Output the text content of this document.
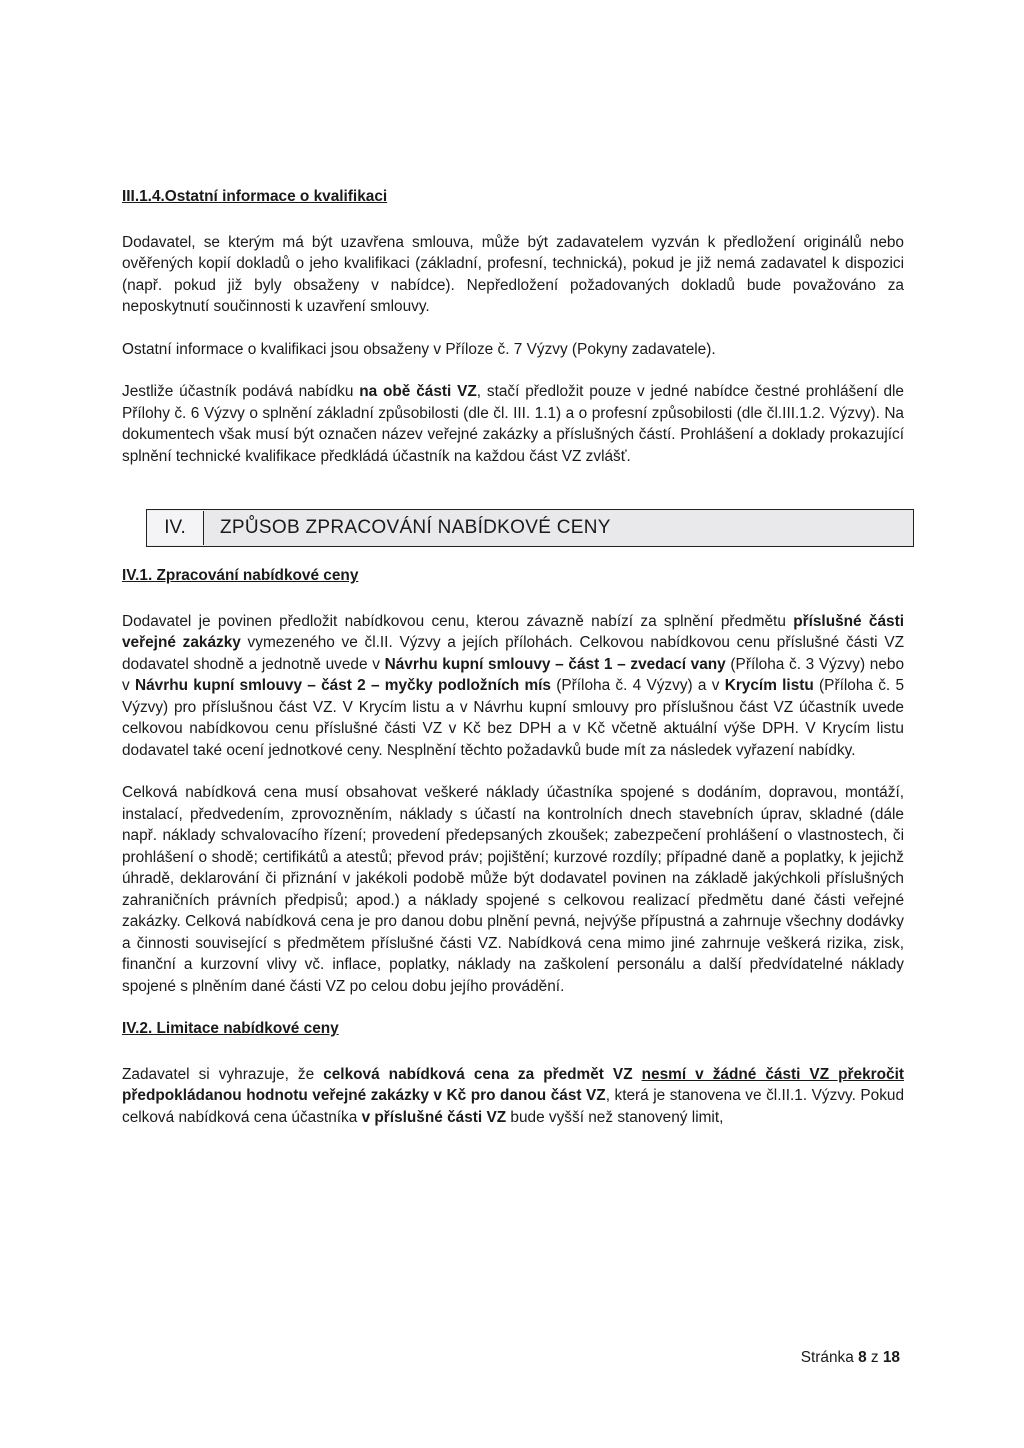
III.1.4.Ostatní informace o kvalifikaci

Dodavatel, se kterým má být uzavřena smlouva, může být zadavatelem vyzván k předložení originálů nebo ověřených kopií dokladů o jeho kvalifikaci (základní, profesní, technická), pokud je již nemá zadavatel k dispozici (např. pokud již byly obsaženy v nabídce). Nepředložení požadovaných dokladů bude považováno za neposkytnutí součinnosti k uzavření smlouvy.

Ostatní informace o kvalifikaci jsou obsaženy v Příloze č. 7 Výzvy (Pokyny zadavatele).

Jestliže účastník podává nabídku na obě části VZ, stačí předložit pouze v jedné nabídce čestné prohlášení dle Přílohy č. 6 Výzvy o splnění základní způsobilosti (dle čl. III. 1.1) a o profesní způsobilosti (dle čl.III.1.2. Výzvy). Na dokumentech však musí být označen název veřejné zakázky a příslušných částí. Prohlášení a doklady prokazující splnění technické kvalifikace předkládá účastník na každou část VZ zvlášť.

IV.	ZPŮSOB ZPRACOVÁNÍ NABÍDKOVÉ CENY
IV.1. Zpracování nabídkové ceny

Dodavatel je povinen předložit nabídkovou cenu, kterou závazně nabízí za splnění předmětu příslušné části veřejné zakázky vymezeného ve čl.II. Výzvy a jejích přílohách. Celkovou nabídkovou cenu příslušné části VZ dodavatel shodně a jednotně uvede v Návrhu kupní smlouvy – část 1 – zvedací vany (Příloha č. 3 Výzvy) nebo v Návrhu kupní smlouvy – část 2 – myčky podložních mís (Příloha č. 4 Výzvy) a v Krycím listu (Příloha č. 5 Výzvy) pro příslušnou část VZ. V Krycím listu a v Návrhu kupní smlouvy pro příslušnou část VZ účastník uvede celkovou nabídkovou cenu příslušné části VZ v Kč bez DPH a v Kč včetně aktuální výše DPH. V Krycím listu dodavatel také ocení jednotkové ceny. Nesplnění těchto požadavků bude mít za následek vyřazení nabídky.

Celková nabídková cena musí obsahovat veškeré náklady účastníka spojené s dodáním, dopravou, montáží, instalací, předvedením, zprovozněním, náklady s účastí na kontrolních dnech stavebních úprav, skladné (dále např. náklady schvalovacího řízení; provedení předepsaných zkoušek; zabezpečení prohlášení o vlastnostech, či prohlášení o shodě; certifikátů a atestů; převod práv; pojištění; kurzové rozdíly; případné daně a poplatky, k jejichž úhradě, deklarování či přiznání v jakékoli podobě může být dodavatel povinen na základě jakýchkoli příslušných zahraničních právních předpisů; apod.) a náklady spojené s celkovou realizací předmětu dané části veřejné zakázky. Celková nabídková cena je pro danou dobu plnění pevná, nejvýše přípustná a zahrnuje všechny dodávky a činnosti související s předmětem příslušné části VZ. Nabídková cena mimo jiné zahrnuje veškerá rizika, zisk, finanční a kurzovní vlivy vč. inflace, poplatky, náklady na zaškolení personálu a další předvídatelné náklady spojené s plněním dané části VZ po celou dobu jejího provádění.

IV.2. Limitace nabídkové ceny

Zadavatel si vyhrazuje, že celková nabídková cena za předmět VZ nesmí v žádné části VZ překročit předpokládanou hodnotu veřejné zakázky v Kč pro danou část VZ, která je stanovena ve čl.II.1. Výzvy. Pokud celková nabídková cena účastníka v příslušné části VZ bude vyšší než stanovený limit,

Stránka 8 z 18
